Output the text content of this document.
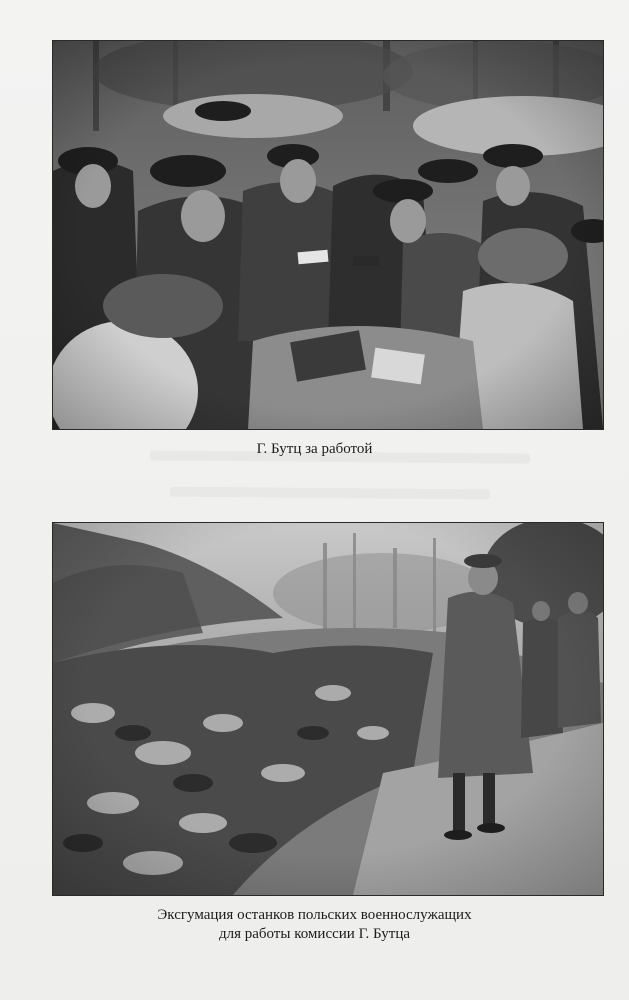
Г. Бутц за работой
Эксгумация останков польских военнослужащих
для работы комиссии Г. Бутца
